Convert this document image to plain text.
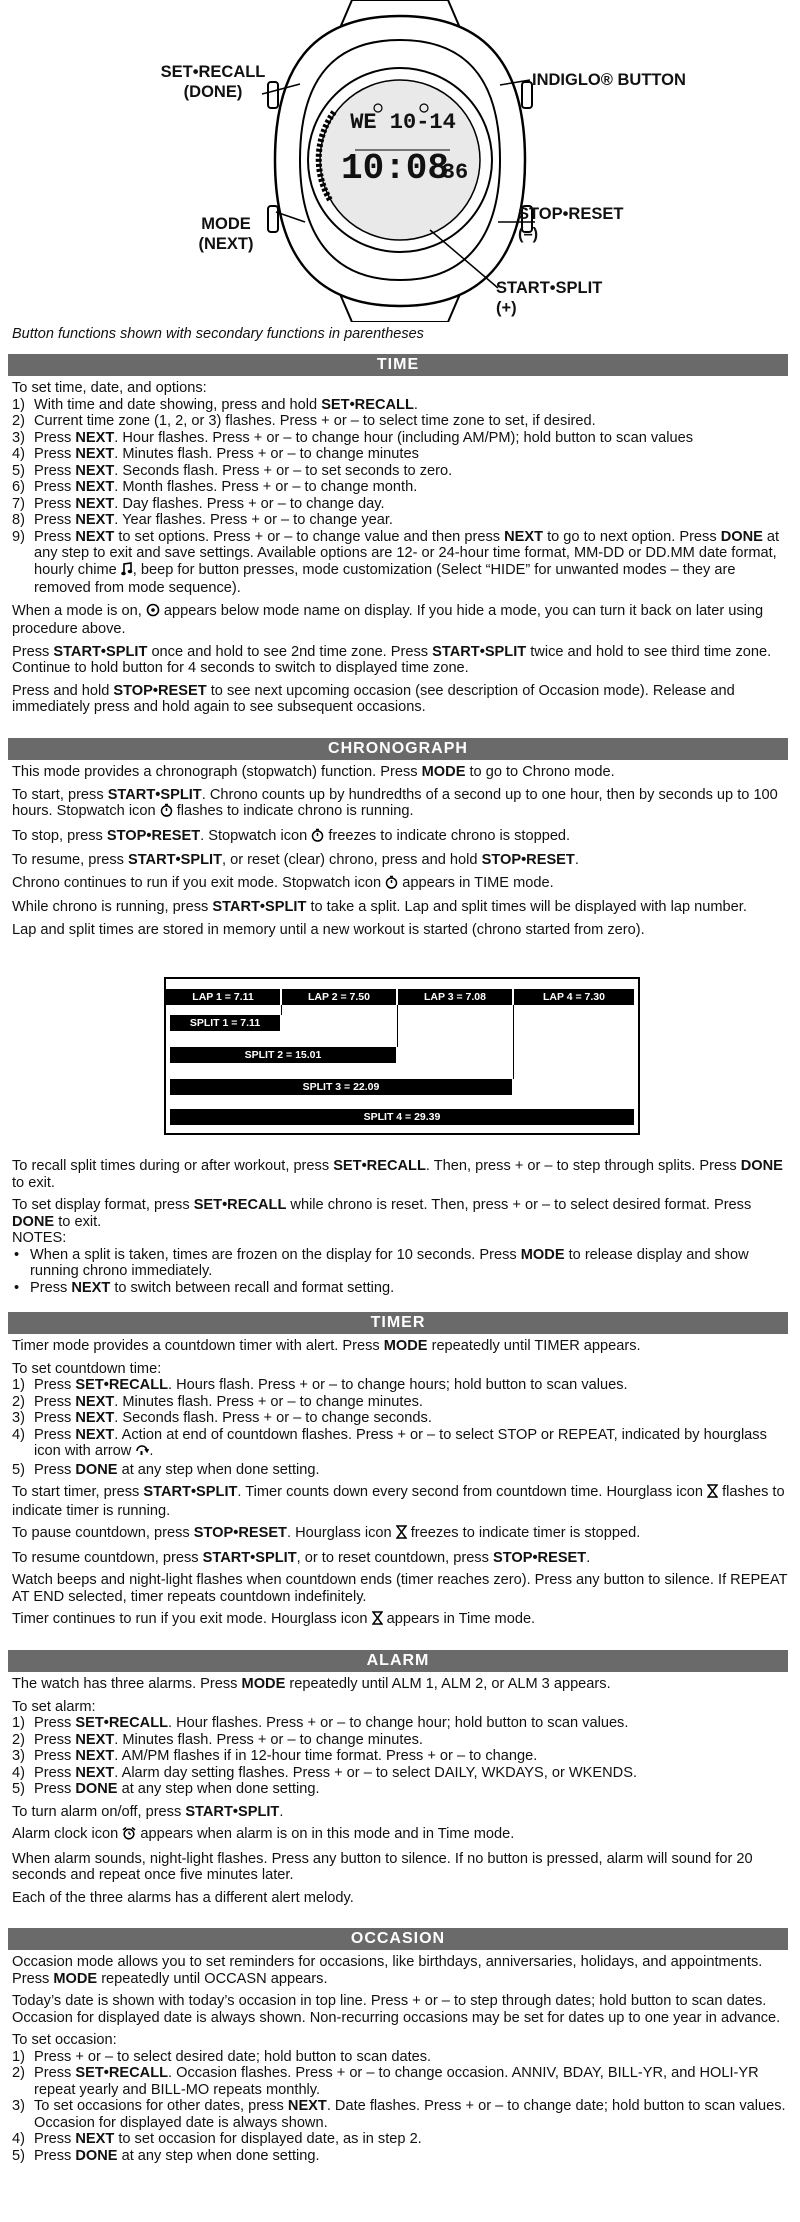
WE 10-14
10:08
36
SET•RECALL
(DONE)
MODE
(NEXT)
INDIGLO® BUTTON
STOP•RESET
(–)
START•SPLIT
(+)
Button functions shown with secondary functions in parentheses
TIME

To set time, date, and options:

1) With time and date showing, press and hold SET•RECALL.
2) Current time zone (1, 2, or 3) flashes. Press + or – to select time zone to set, if desired.
3) Press NEXT. Hour flashes. Press + or – to change hour (including AM/PM); hold button to scan values
4) Press NEXT. Minutes flash. Press + or – to change minutes
5) Press NEXT. Seconds flash. Press + or – to set seconds to zero.
6) Press NEXT. Month flashes. Press + or – to change month.
7) Press NEXT. Day flashes. Press + or – to change day.
8) Press NEXT. Year flashes. Press + or – to change year.
9) Press NEXT to set options. Press + or – to change value and then press NEXT to go to next option. Press DONE at any step to exit and save settings. Available options are 12- or 24-hour time format, MM-DD or DD.MM date format, hourly chime , beep for button presses, mode customization (Select “HIDE” for unwanted modes – they are removed from mode sequence).

When a mode is on,  appears below mode name on display. If you hide a mode, you can turn it back on later using procedure above.

Press START•SPLIT once and hold to see 2nd time zone. Press START•SPLIT twice and hold to see third time zone. Continue to hold button for 4 seconds to switch to displayed time zone.

Press and hold STOP•RESET to see next upcoming occasion (see description of Occasion mode). Release and immediately press and hold again to see subsequent occasions.

CHRONOGRAPH

This mode provides a chronograph (stopwatch) function. Press MODE to go to Chrono mode.

To start, press START•SPLIT. Chrono counts up by hundredths of a second up to one hour, then by seconds up to 100 hours. Stopwatch icon  flashes to indicate chrono is running.

To stop, press STOP•RESET. Stopwatch icon  freezes to indicate chrono is stopped.

To resume, press START•SPLIT, or reset (clear) chrono, press and hold STOP•RESET.

Chrono continues to run if you exit mode. Stopwatch icon  appears in TIME mode.

While chrono is running, press START•SPLIT to take a split. Lap and split times will be displayed with lap number.

Lap and split times are stored in memory until a new workout is started (chrono started from zero).

LAP 1 = 7.11	LAP 2 = 7.50	LAP 3 = 7.08	LAP 4 = 7.30
SPLIT 1 = 7.11
SPLIT 2 = 15.01
SPLIT 3 = 22.09
SPLIT 4 = 29.39

To recall split times during or after workout, press SET•RECALL. Then, press + or – to step through splits. Press DONE to exit.

To set display format, press SET•RECALL while chrono is reset. Then, press + or – to select desired format. Press DONE to exit.

NOTES:

• When a split is taken, times are frozen on the display for 10 seconds. Press MODE to release display and show running chrono immediately.
• Press NEXT to switch between recall and format setting.
TIMER

Timer mode provides a countdown timer with alert. Press MODE repeatedly until TIMER appears.

To set countdown time:

1) Press SET•RECALL. Hours flash. Press + or – to change hours; hold button to scan values.
2) Press NEXT. Minutes flash. Press + or – to change minutes.
3) Press NEXT. Seconds flash. Press + or – to change seconds.
4) Press NEXT. Action at end of countdown flashes. Press + or – to select STOP or REPEAT, indicated by hourglass icon with arrow .
5) Press DONE at any step when done setting.

To start timer, press START•SPLIT. Timer counts down every second from countdown time. Hourglass icon  flashes to indicate timer is running.

To pause countdown, press STOP•RESET. Hourglass icon  freezes to indicate timer is stopped.

To resume countdown, press START•SPLIT, or to reset countdown, press STOP•RESET.

Watch beeps and night-light flashes when countdown ends (timer reaches zero). Press any button to silence. If REPEAT AT END selected, timer repeats countdown indefinitely.

Timer continues to run if you exit mode. Hourglass icon  appears in Time mode.

ALARM

The watch has three alarms. Press MODE repeatedly until ALM 1, ALM 2, or ALM 3 appears.

To set alarm:

1) Press SET•RECALL. Hour flashes. Press + or – to change hour; hold button to scan values.
2) Press NEXT. Minutes flash. Press + or – to change minutes.
3) Press NEXT. AM/PM flashes if in 12-hour time format. Press + or – to change.
4) Press NEXT. Alarm day setting flashes. Press + or – to select DAILY, WKDAYS, or WKENDS.
5) Press DONE at any step when done setting.

To turn alarm on/off, press START•SPLIT.

Alarm clock icon  appears when alarm is on in this mode and in Time mode.

When alarm sounds, night-light flashes. Press any button to silence. If no button is pressed, alarm will sound for 20 seconds and repeat once five minutes later.

Each of the three alarms has a different alert melody.

OCCASION

Occasion mode allows you to set reminders for occasions, like birthdays, anniversaries, holidays, and appointments. Press MODE repeatedly until OCCASN appears.

Today’s date is shown with today’s occasion in top line. Press + or – to step through dates; hold button to scan dates. Occasion for displayed date is always shown. Non-recurring occasions may be set for dates up to one year in advance.

To set occasion:

1) Press + or – to select desired date; hold button to scan dates.
2) Press SET•RECALL. Occasion flashes. Press + or – to change occasion. ANNIV, BDAY, BILL-YR, and HOLI-YR repeat yearly and BILL-MO repeats monthly.
3) To set occasions for other dates, press NEXT. Date flashes. Press + or – to change date; hold button to scan values. Occasion for displayed date is always shown.
4) Press NEXT to set occasion for displayed date, as in step 2.
5) Press DONE at any step when done setting.
